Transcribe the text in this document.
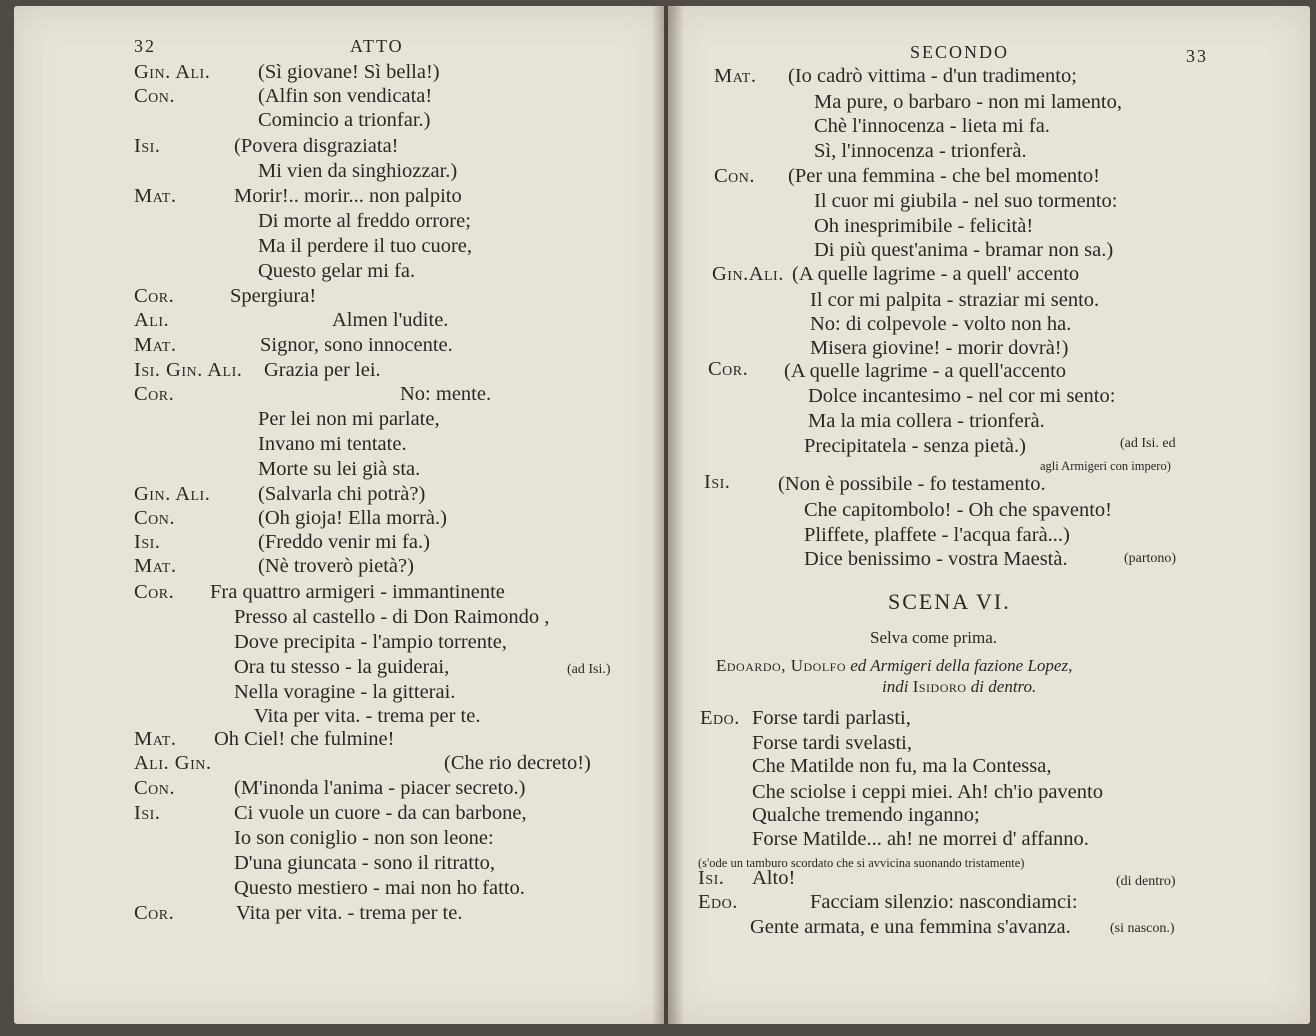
32	ATTO
Gin. Ali. (Sì giovane! Sì bella!)
Con.	(Alfin son vendicata!
Comincio a trionfar.)
Isi.	(Povera disgraziata!
Mi vien da singhiozzar.)
Mat.	Morir!.. morir... non palpito
Di morte al freddo orrore;
Ma il perdere il tuo cuore,
Questo gelar mi fa.
Cor.	Spergiura!
Ali.	Almen l'udite.
Mat.	Signor, sono innocente.
Isi. Gin. Ali. Grazia per lei.
Cor.	No: mente.
Per lei non mi parlate,
Invano mi tentate.
Morte su lei già sta.
Gin. Ali. (Salvarla chi potrà?)
Con.	(Oh gioja! Ella morrà.)
Isi.	(Freddo venir mi fa.)
Mat.	(Nè troverò pietà?)
Cor. Fra quattro armigeri - immantinente
Presso al castello - di Don Raimondo ,
Dove precipita - l'ampio torrente,
Ora tu stesso - la guiderai,	(ad Isi.)
Nella voragine - la gitterai.
Vita per vita. - trema per te.
Mat. Oh Ciel! che fulmine!
Ali. Gin.	(Che rio decreto!)
Con.	(M'inonda l'anima - piacer secreto.)
Isi.	Ci vuole un cuore - da can barbone,
Io son coniglio - non son leone:
D'una giuncata - sono il ritratto,
Questo mestiero - mai non ho fatto.
Cor.	Vita per vita. - trema per te.
SECONDO	33
Mat. (Io cadrò vittima - d'un tradimento;
Ma pure, o barbaro - non mi lamento,
Chè l'innocenza - lieta mi fa.
Sì, l'innocenza - trionferà.
Con. (Per una femmina - che bel momento!
Il cuor mi giubila - nel suo tormento:
Oh inesprimibile - felicità!
Di più quest'anima - bramar non sa.)
Gin.Ali. (A quelle lagrime - a quell' accento
Il cor mi palpita - straziar mi sento.
No: di colpevole - volto non ha.
Misera giovine! - morir dovrà!)
Cor. (A quelle lagrime - a quell'accento
Dolce incantesimo - nel cor mi sento:
Ma la mia collera - trionferà.
Precipitatela - senza pietà.)	(ad Isi. ed
agli Armigeri con impero)
Isi. (Non è possibile - fo testamento.
Che capitombolo! - Oh che spavento!
Pliffete, plaffete - l'acqua farà...)
Dice benissimo - vostra Maestà.	(partono)
SCENA VI.
Selva come prima.
Edoardo, Udolfo ed Armigeri della fazione Lopez,
indi Isidoro di dentro.
Edo. Forse tardi parlasti,
Forse tardi svelasti,
Che Matilde non fu, ma la Contessa,
Che sciolse i ceppi miei. Ah! ch'io pavento
Qualche tremendo inganno;
Forse Matilde... ah! ne morrei d' affanno.
(s'ode un tamburo scordato che si avvicina suonando tristamente)
Isi. Alto!	(di dentro)
Edo.	Facciam silenzio: nascondiamci:
Gente armata, e una femmina s'avanza.	(si nascon.)
